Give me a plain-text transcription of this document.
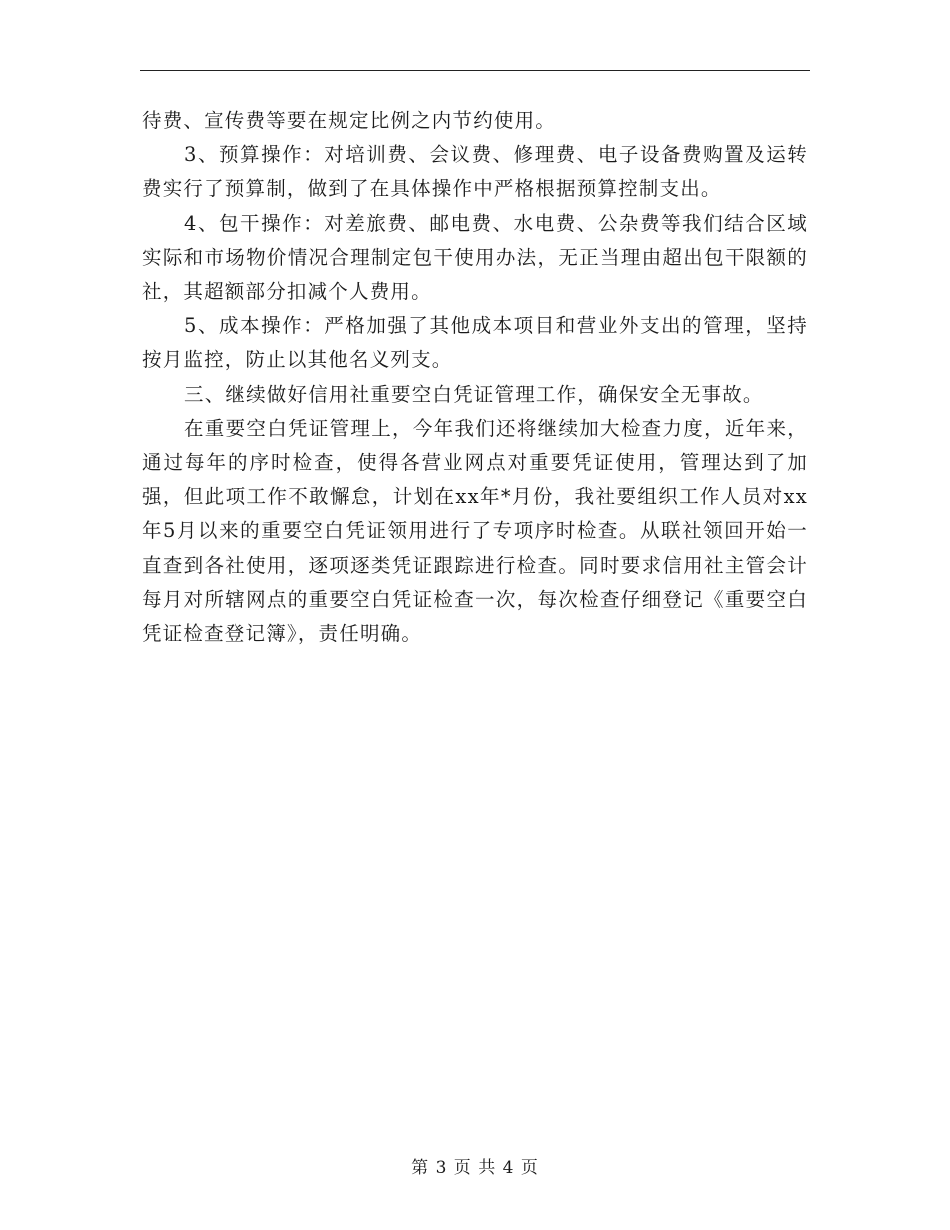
待费、宣传费等要在规定比例之内节约使用。

3、预算操作：对培训费、会议费、修理费、电子设备费购置及运转费实行了预算制，做到了在具体操作中严格根据预算控制支出。

4、包干操作：对差旅费、邮电费、水电费、公杂费等我们结合区域实际和市场物价情况合理制定包干使用办法，无正当理由超出包干限额的社，其超额部分扣减个人费用。

5、成本操作：严格加强了其他成本项目和营业外支出的管理，坚持按月监控，防止以其他名义列支。

三、继续做好信用社重要空白凭证管理工作，确保安全无事故。

在重要空白凭证管理上，今年我们还将继续加大检查力度，近年来，通过每年的序时检查，使得各营业网点对重要凭证使用，管理达到了加强，但此项工作不敢懈怠，计划在xx年*月份，我社要组织工作人员对xx年5月以来的重要空白凭证领用进行了专项序时检查。从联社领回开始一直查到各社使用，逐项逐类凭证跟踪进行检查。同时要求信用社主管会计每月对所辖网点的重要空白凭证检查一次，每次检查仔细登记《重要空白凭证检查登记簿》，责任明确。

第 3 页 共 4 页
